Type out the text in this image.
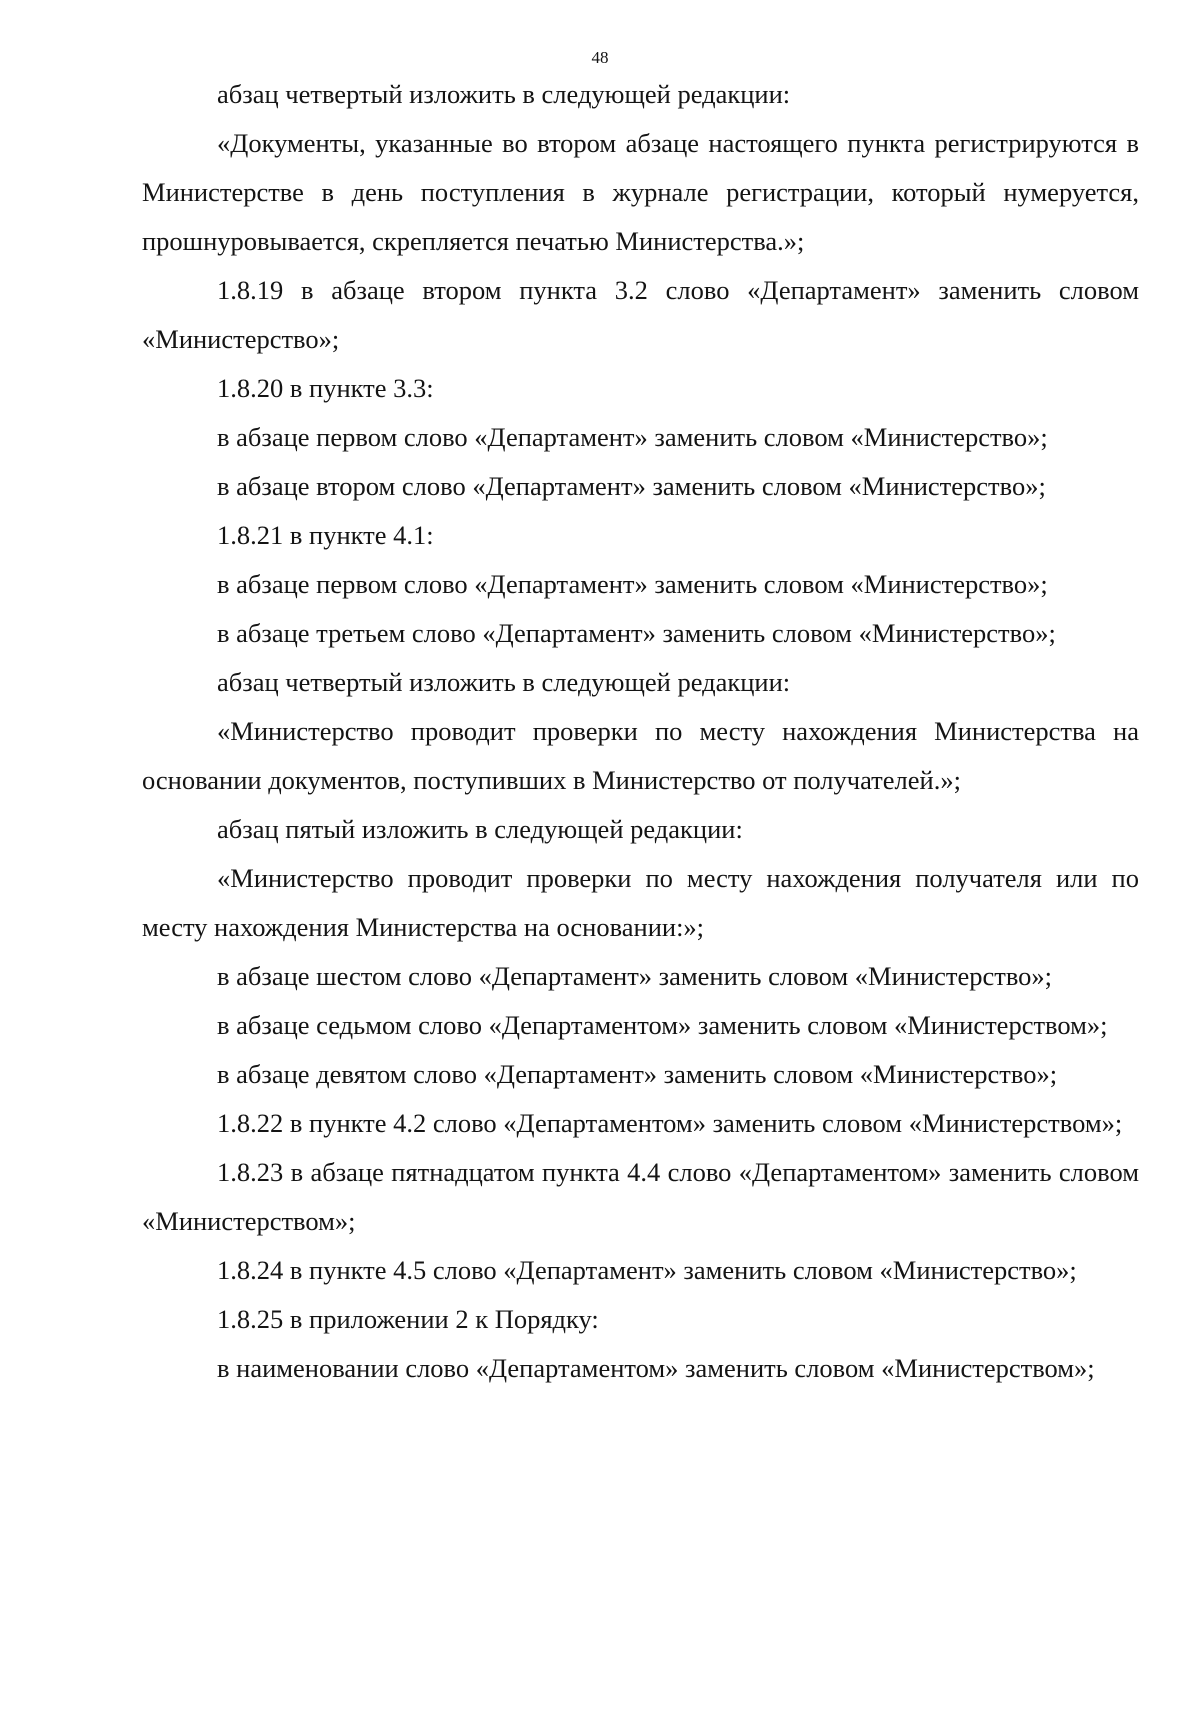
48

абзац четвертый изложить в следующей редакции:

«Документы, указанные во втором абзаце настоящего пункта регистрируются в Министерстве в день поступления в журнале регистрации, который нумеруется, прошнуровывается, скрепляется печатью Министерства.»;

1.8.19 в абзаце втором пункта 3.2 слово «Департамент» заменить словом «Министерство»;

1.8.20 в пункте 3.3:

в абзаце первом слово «Департамент» заменить словом «Министерство»;

в абзаце втором слово «Департамент» заменить словом «Министерство»;

1.8.21 в пункте 4.1:

в абзаце первом слово «Департамент» заменить словом «Министерство»;

в абзаце третьем слово «Департамент» заменить словом «Министерство»;

абзац четвертый изложить в следующей редакции:

«Министерство проводит проверки по месту нахождения Министерства на основании документов, поступивших в Министерство от получателей.»;

абзац пятый изложить в следующей редакции:

«Министерство проводит проверки по месту нахождения получателя или по месту нахождения Министерства на основании:»;

в абзаце шестом слово «Департамент» заменить словом «Министерство»;

в абзаце седьмом слово «Департаментом» заменить словом «Министерством»;

в абзаце девятом слово «Департамент» заменить словом «Министерство»;

1.8.22 в пункте 4.2 слово «Департаментом» заменить словом «Министерством»;

1.8.23 в абзаце пятнадцатом пункта 4.4 слово «Департаментом» заменить словом «Министерством»;

1.8.24 в пункте 4.5 слово «Департамент» заменить словом «Министерство»;

1.8.25 в приложении 2 к Порядку:

в наименовании слово «Департаментом» заменить словом «Министерством»;
